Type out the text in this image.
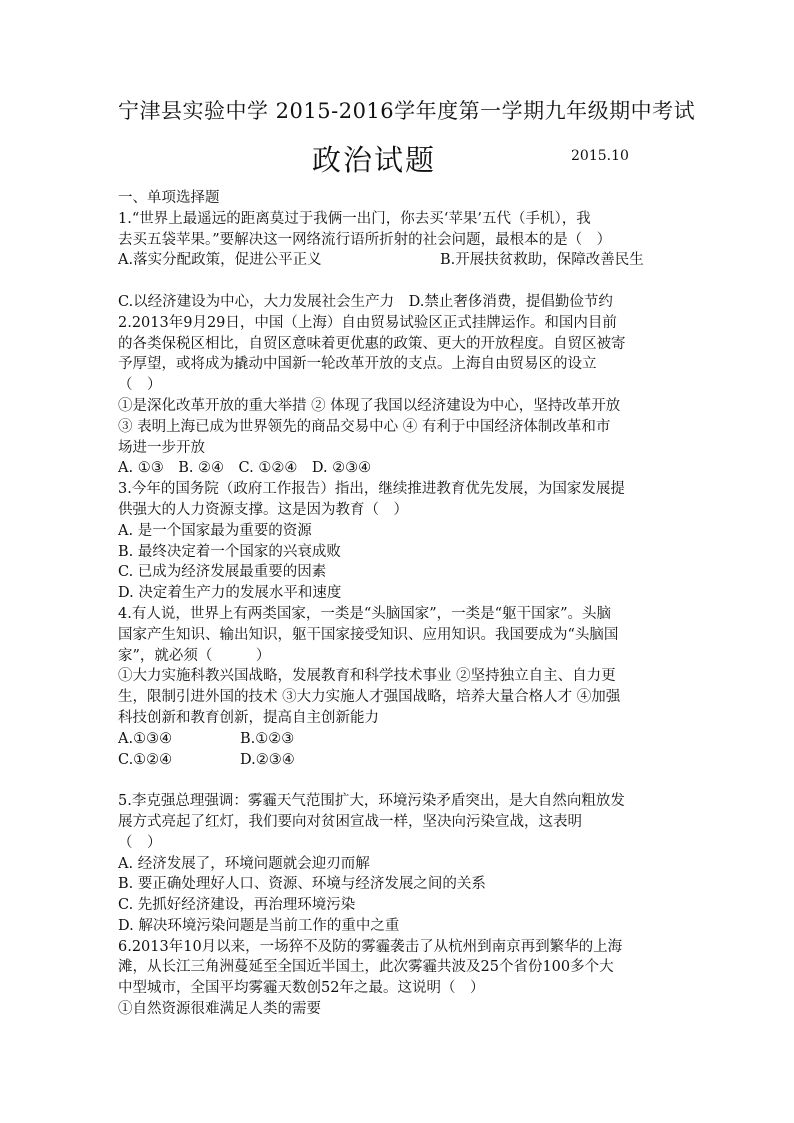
宁津县实验中学 2015-2016学年度第一学期九年级期中考试
政治试题	2015.10
一、单项选择题
1.“世界上最遥远的距离莫过于我俩一出门，你去买‘苹果’五代（手机），我
去买五袋苹果。”要解决这一网络流行语所折射的社会问题，最根本的是（　）
A.落实分配政策，促进公平正义	B.开展扶贫救助，保障改善民生
C.以经济建设为中心，大力发展社会生产力　D.禁止奢侈消费，提倡勤俭节约
2.2013年9月29日，中国（上海）自由贸易试验区正式挂牌运作。和国内目前
的各类保税区相比，自贸区意味着更优惠的政策、更大的开放程度。自贸区被寄
予厚望，或将成为撬动中国新一轮改革开放的支点。上海自由贸易区的设立
（　）
①是深化改革开放的重大举措 ② 体现了我国以经济建设为中心，坚持改革开放
③ 表明上海已成为世界领先的商品交易中心 ④ 有利于中国经济体制改革和市
场进一步开放
A. ①③　B. ②④　C. ①②④　D. ②③④
3.今年的国务院（政府工作报告）指出，继续推进教育优先发展，为国家发展提
供强大的人力资源支撑。这是因为教育（　）
A. 是一个国家最为重要的资源
B. 最终决定着一个国家的兴衰成败
C. 已成为经济发展最重要的因素
D. 决定着生产力的发展水平和速度
4.有人说，世界上有两类国家，一类是“头脑国家”，一类是“躯干国家”。头脑
国家产生知识、输出知识，躯干国家接受知识、应用知识。我国要成为“头脑国
家”，就必须（　　　）
①大力实施科教兴国战略，发展教育和科学技术事业 ②坚持独立自主、自力更
生，限制引进外国的技术 ③大力实施人才强国战略，培养大量合格人才 ④加强
科技创新和教育创新，提高自主创新能力
A.①③④	B.①②③
C.①②④	D.②③④
5.李克强总理强调：雾霾天气范围扩大，环境污染矛盾突出，是大自然向粗放发
展方式亮起了红灯，我们要向对贫困宣战一样，坚决向污染宣战，这表明
（　）
A. 经济发展了，环境问题就会迎刃而解
B. 要正确处理好人口、资源、环境与经济发展之间的关系
C. 先抓好经济建设，再治理环境污染
D. 解决环境污染问题是当前工作的重中之重
6.2013年10月以来，一场猝不及防的雾霾袭击了从杭州到南京再到繁华的上海
滩，从长江三角洲蔓延至全国近半国土，此次雾霾共波及25个省份100多个大
中型城市，全国平均雾霾天数创52年之最。这说明（　）
①自然资源很难满足人类的需要
